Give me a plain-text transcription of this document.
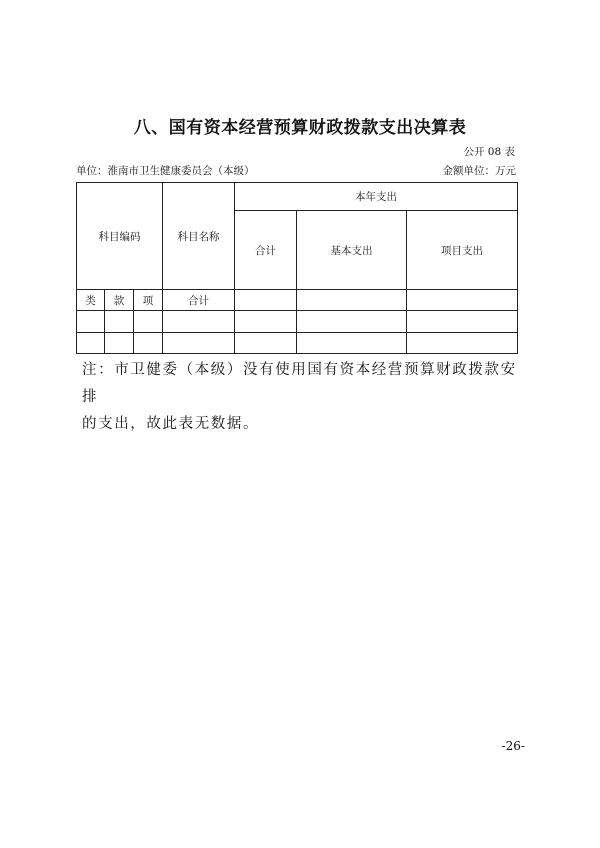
八、国有资本经营预算财政拨款支出决算表
公开 08 表
单位：淮南市卫生健康委员会（本级）	金额单位：万元
科目编码			科目名称	本年支出		
				合计	基本支出	项目支出
类	款	项	合计			

注：市卫健委（本级）没有使用国有资本经营预算财政拨款安排
的支出，故此表无数据。
-26-
